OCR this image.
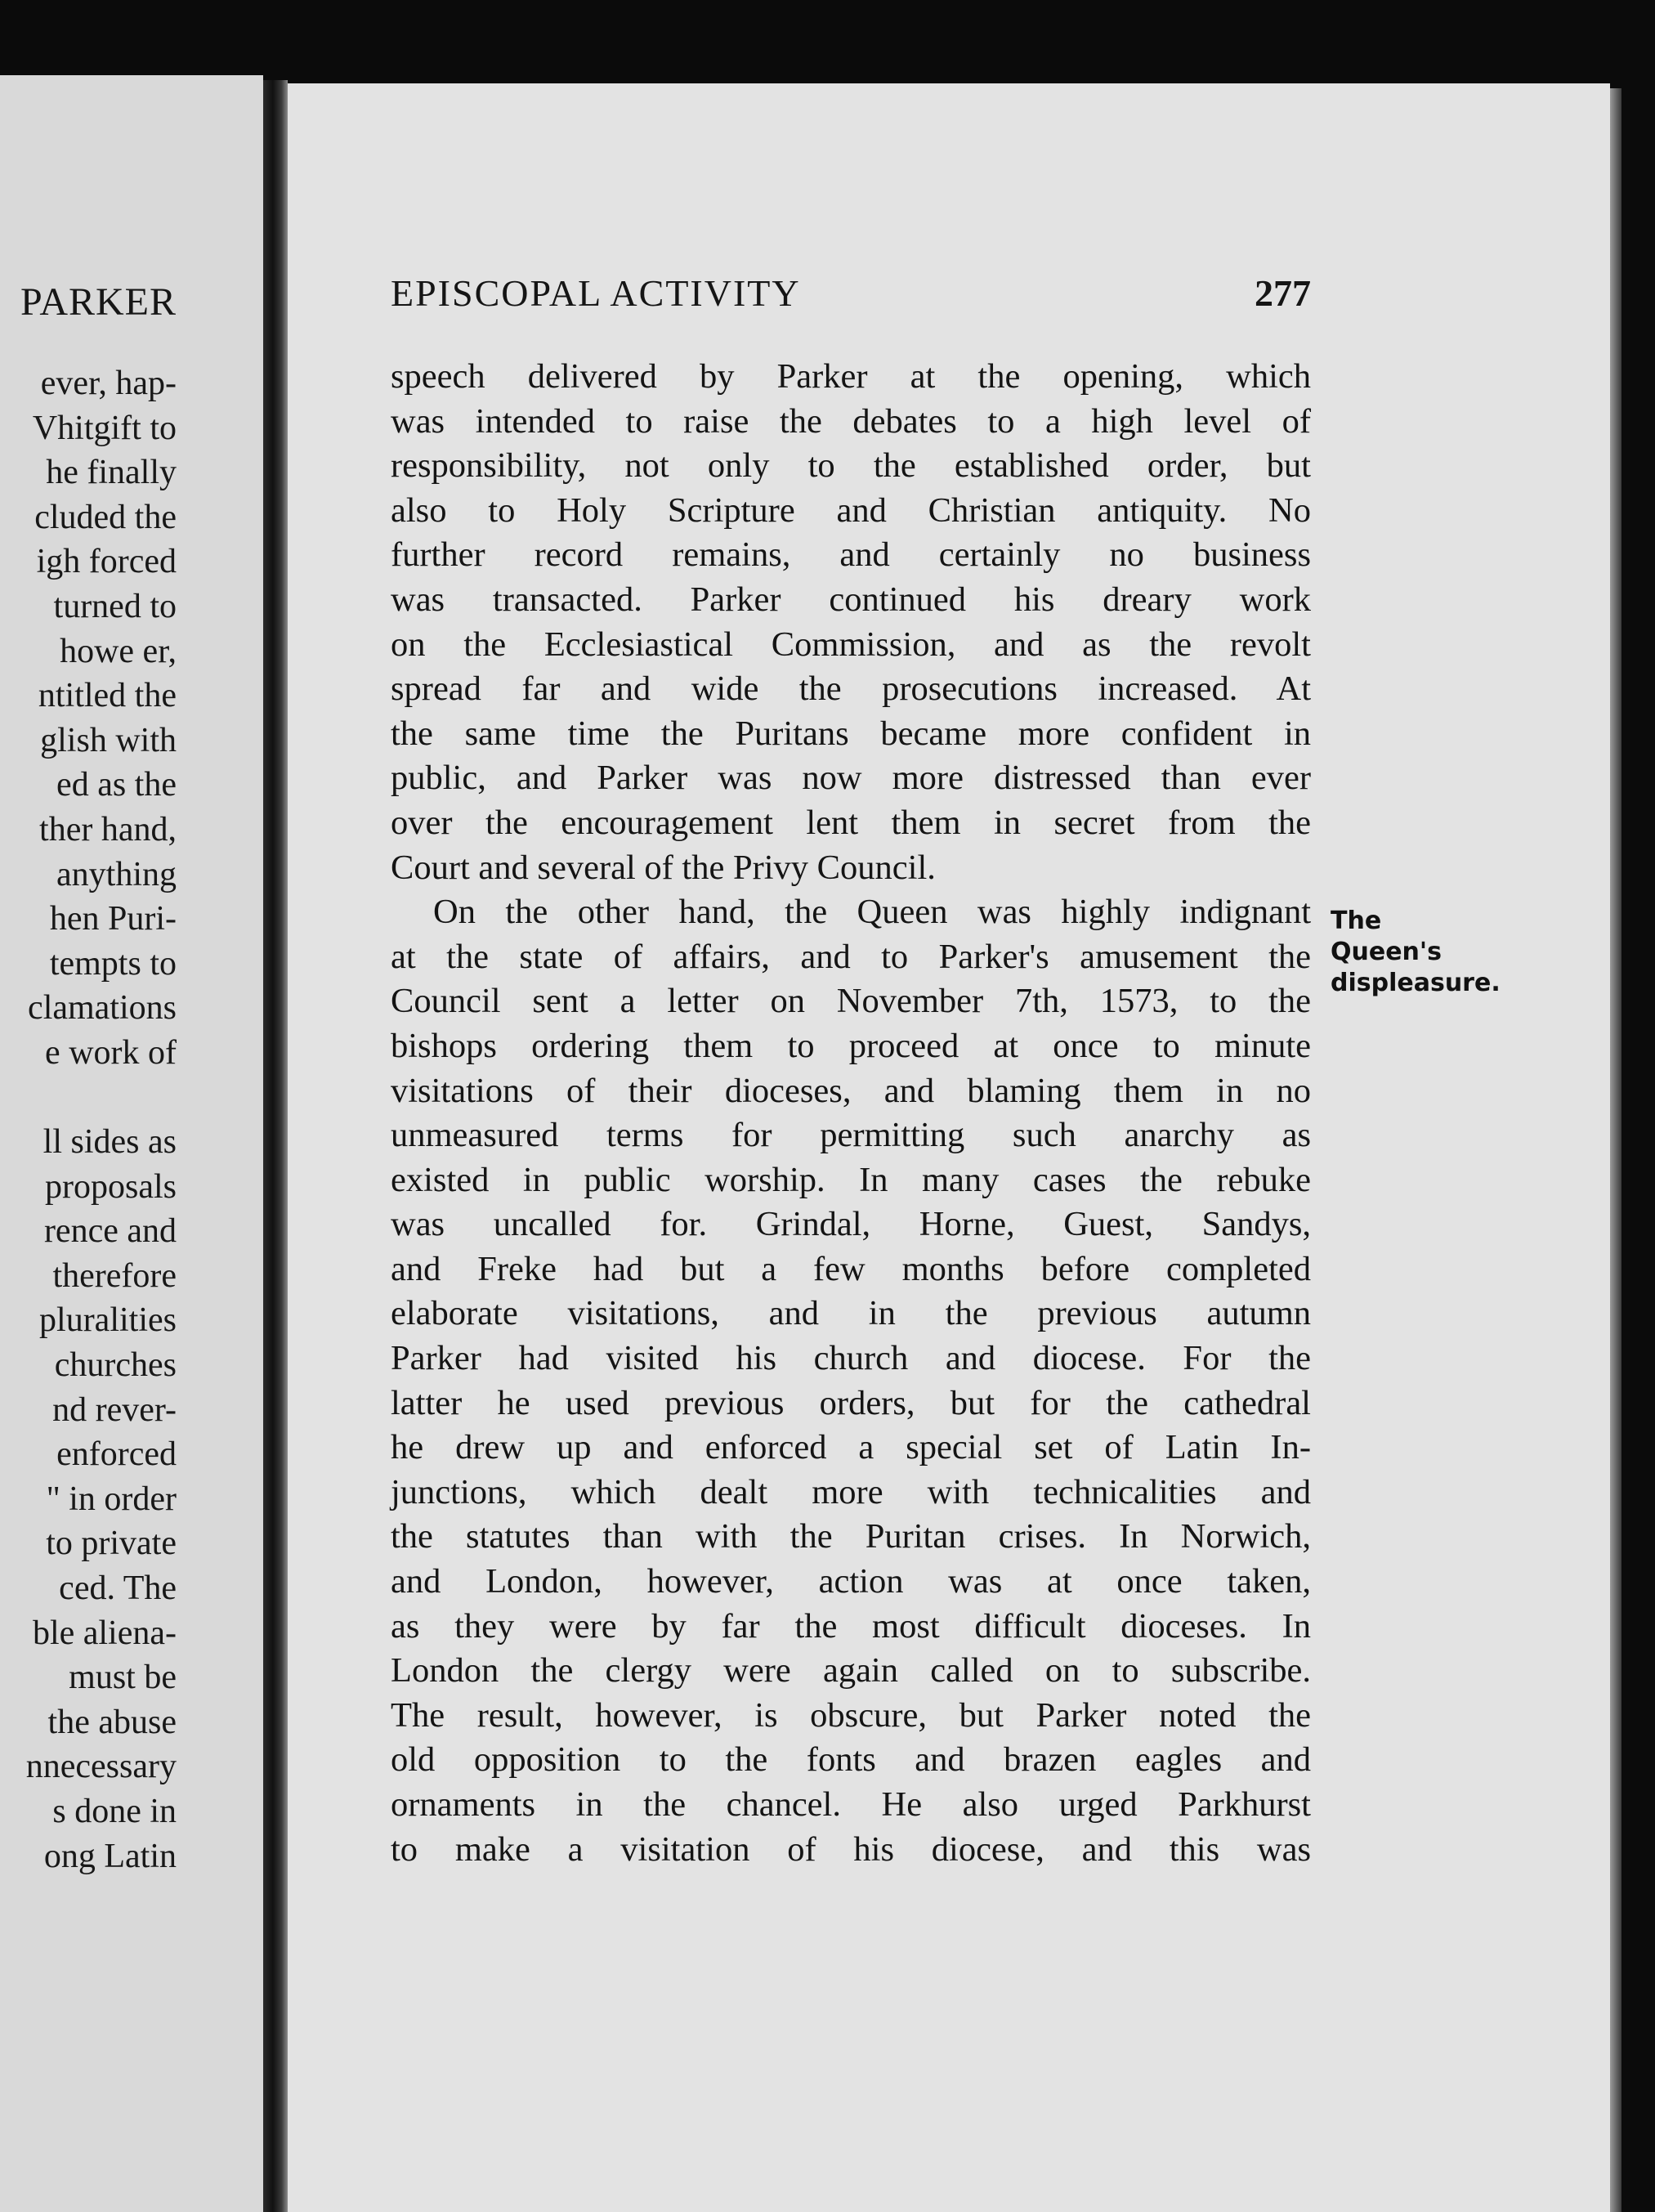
PARKER
ever, hap-
Vhitgift to
he finally
cluded the
igh forced
turned to
howe er,
ntitled the
glish with
ed as the
ther hand,
anything
hen Puri-
tempts to
clamations
e work of
ll sides as
proposals
rence and
therefore
pluralities
churches
nd rever-
enforced
" in order
to private
ced. The
ble aliena-
must be
the abuse
nnecessary
s done in
ong Latin
EPISCOPAL ACTIVITY	277
speech delivered by Parker at the opening, which
was intended to raise the debates to a high level of
responsibility, not only to the established order, but
also to Holy Scripture and Christian antiquity. No
further record remains, and certainly no business
was transacted. Parker continued his dreary work
on the Ecclesiastical Commission, and as the revolt
spread far and wide the prosecutions increased. At
the same time the Puritans became more confident in
public, and Parker was now more distressed than ever
over the encouragement lent them in secret from the
Court and several of the Privy Council.
On the other hand, the Queen was highly indignant
at the state of affairs, and to Parker's amusement the
Council sent a letter on November 7th, 1573, to the
bishops ordering them to proceed at once to minute
visitations of their dioceses, and blaming them in no
unmeasured terms for permitting such anarchy as
existed in public worship. In many cases the rebuke
was uncalled for. Grindal, Horne, Guest, Sandys,
and Freke had but a few months before completed
elaborate visitations, and in the previous autumn
Parker had visited his church and diocese. For the
latter he used previous orders, but for the cathedral
he drew up and enforced a special set of Latin In-
junctions, which dealt more with technicalities and
the statutes than with the Puritan crises. In Norwich,
and London, however, action was at once taken,
as they were by far the most difficult dioceses. In
London the clergy were again called on to subscribe.
The result, however, is obscure, but Parker noted the
old opposition to the fonts and brazen eagles and
ornaments in the chancel. He also urged Parkhurst
to make a visitation of his diocese, and this was
The
Queen's
displeasure.
